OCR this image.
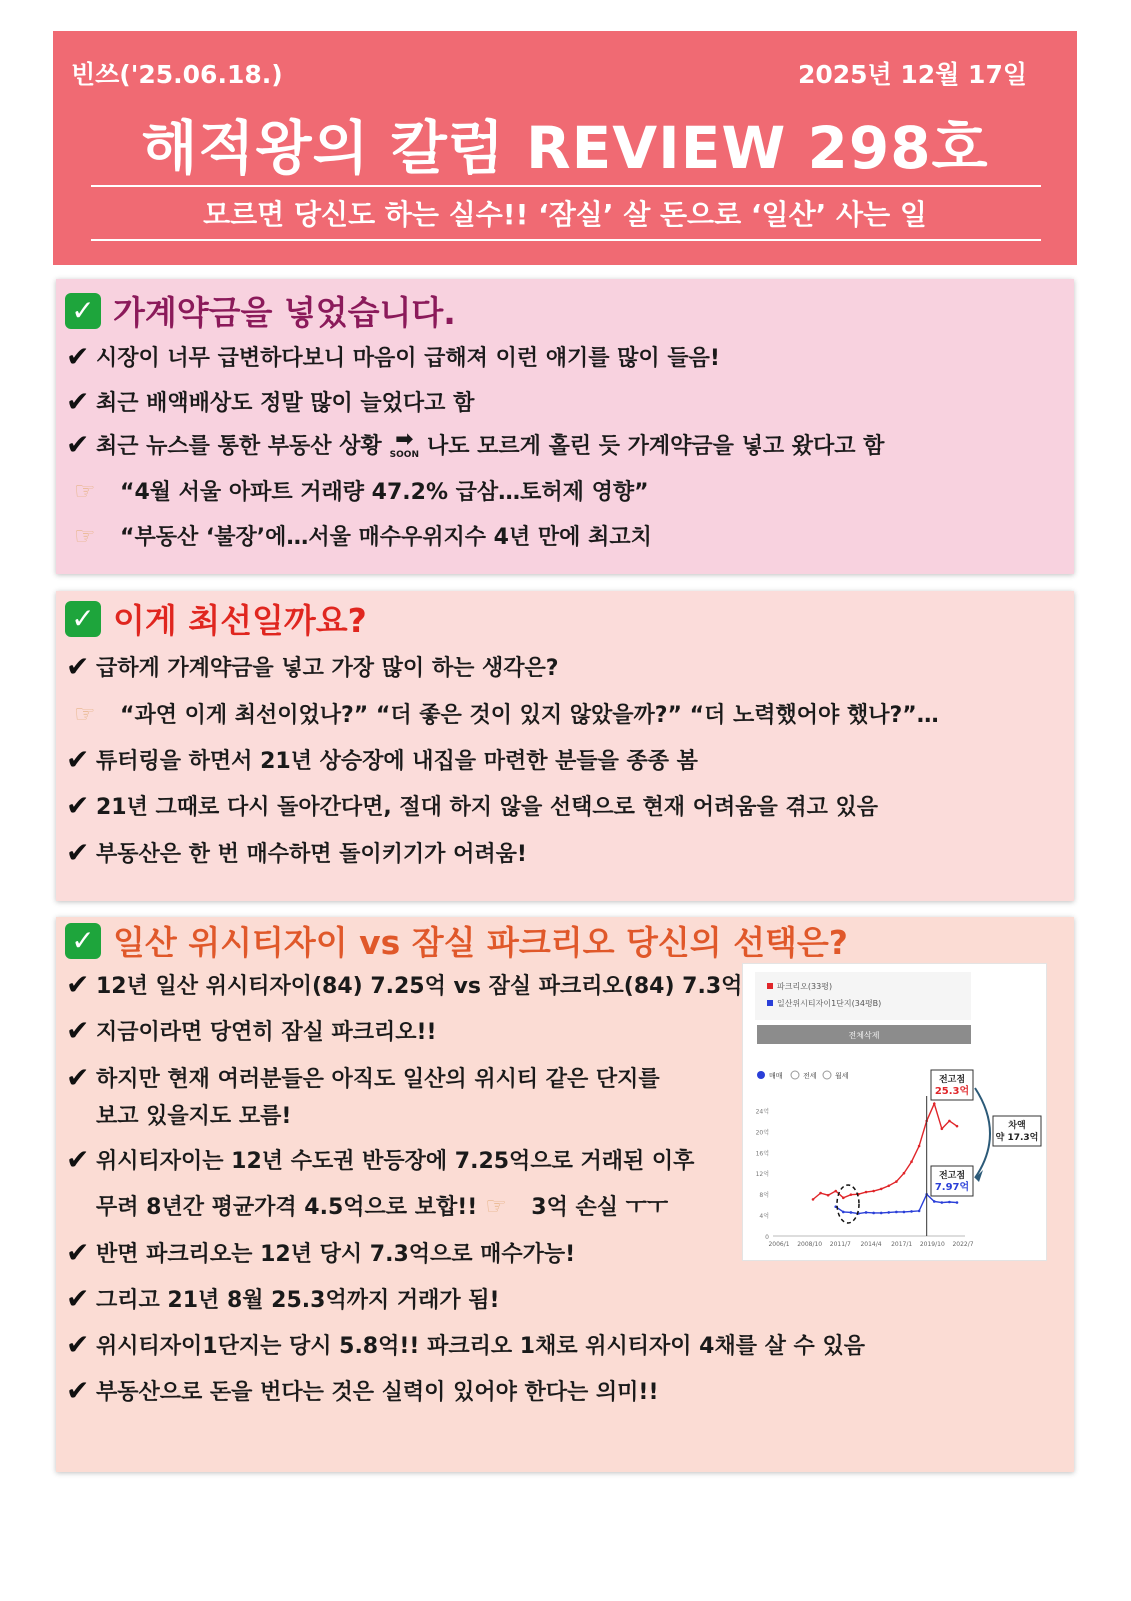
빈쓰('25.06.18.)	2025년 12월 17일
해적왕의 칼럼 REVIEW 298호
모르면 당신도 하는 실수!! ‘잠실’ 살 돈으로 ‘일산’ 사는 일
✓ 가계약금을 넣었습니다.
✔ 시장이 너무 급변하다보니 마음이 급해져 이런 얘기를 많이 들음!
✔ 최근 배액배상도 정말 많이 늘었다고 함
✔ 최근 뉴스를 통한 부동산 상황 ➡
SOON 나도 모르게 홀린 듯 가계약금을 넣고 왔다고 함
☞	“4월 서울 아파트 거래량 47.2% 급삼…토허제 영향”
☞	“부동산 ‘불장’에…서울 매수우위지수 4년 만에 최고치
✓ 이게 최선일까요?
✔ 급하게 가계약금을 넣고 가장 많이 하는 생각은?
☞	“과연 이게 최선이었나?” “더 좋은 것이 있지 않았을까?” “더 노력했어야 했나?”…
✔ 튜터링을 하면서 21년 상승장에 내집을 마련한 분들을 종종 봄
✔ 21년 그때로 다시 돌아간다면, 절대 하지 않을 선택으로 현재 어려움을 겪고 있음
✔ 부동산은 한 번 매수하면 돌이키기가 어려움!
✓ 일산 위시티자이 vs 잠실 파크리오 당신의 선택은?
✔ 12년 일산 위시티자이(84) 7.25억 vs 잠실 파크리오(84) 7.3억
✔ 지금이라면 당연히 잠실 파크리오!!
✔ 하지만 현재 여러분들은 아직도 일산의 위시티 같은 단지를
보고 있을지도 모름!
✔ 위시티자이는 12년 수도권 반등장에 7.25억으로 거래된 이후
무려 8년간 평균가격 4.5억으로 보합!! ☞	3억 손실 ㅜㅜ
✔ 반면 파크리오는 12년 당시 7.3억으로 매수가능!
✔ 그리고 21년 8월 25.3억까지 거래가 됨!
✔ 위시티자이1단지는 당시 5.8억!! 파크리오 1채로 위시티자이 4채를 살 수 있음
✔ 부동산으로 돈을 번다는 것은 실력이 있어야 한다는 의미!!
파크리오(33평)
일산위시티자이1단지(34평B)
전체삭제
매매	전세	월세
0
4억
8억
12억
16억
20억
24억
2006/1 2008/10 2011/7 2014/4 2017/1 2019/10 2022/7
전고점
25.3억
전고점
7.97억
차액
약 17.3억
